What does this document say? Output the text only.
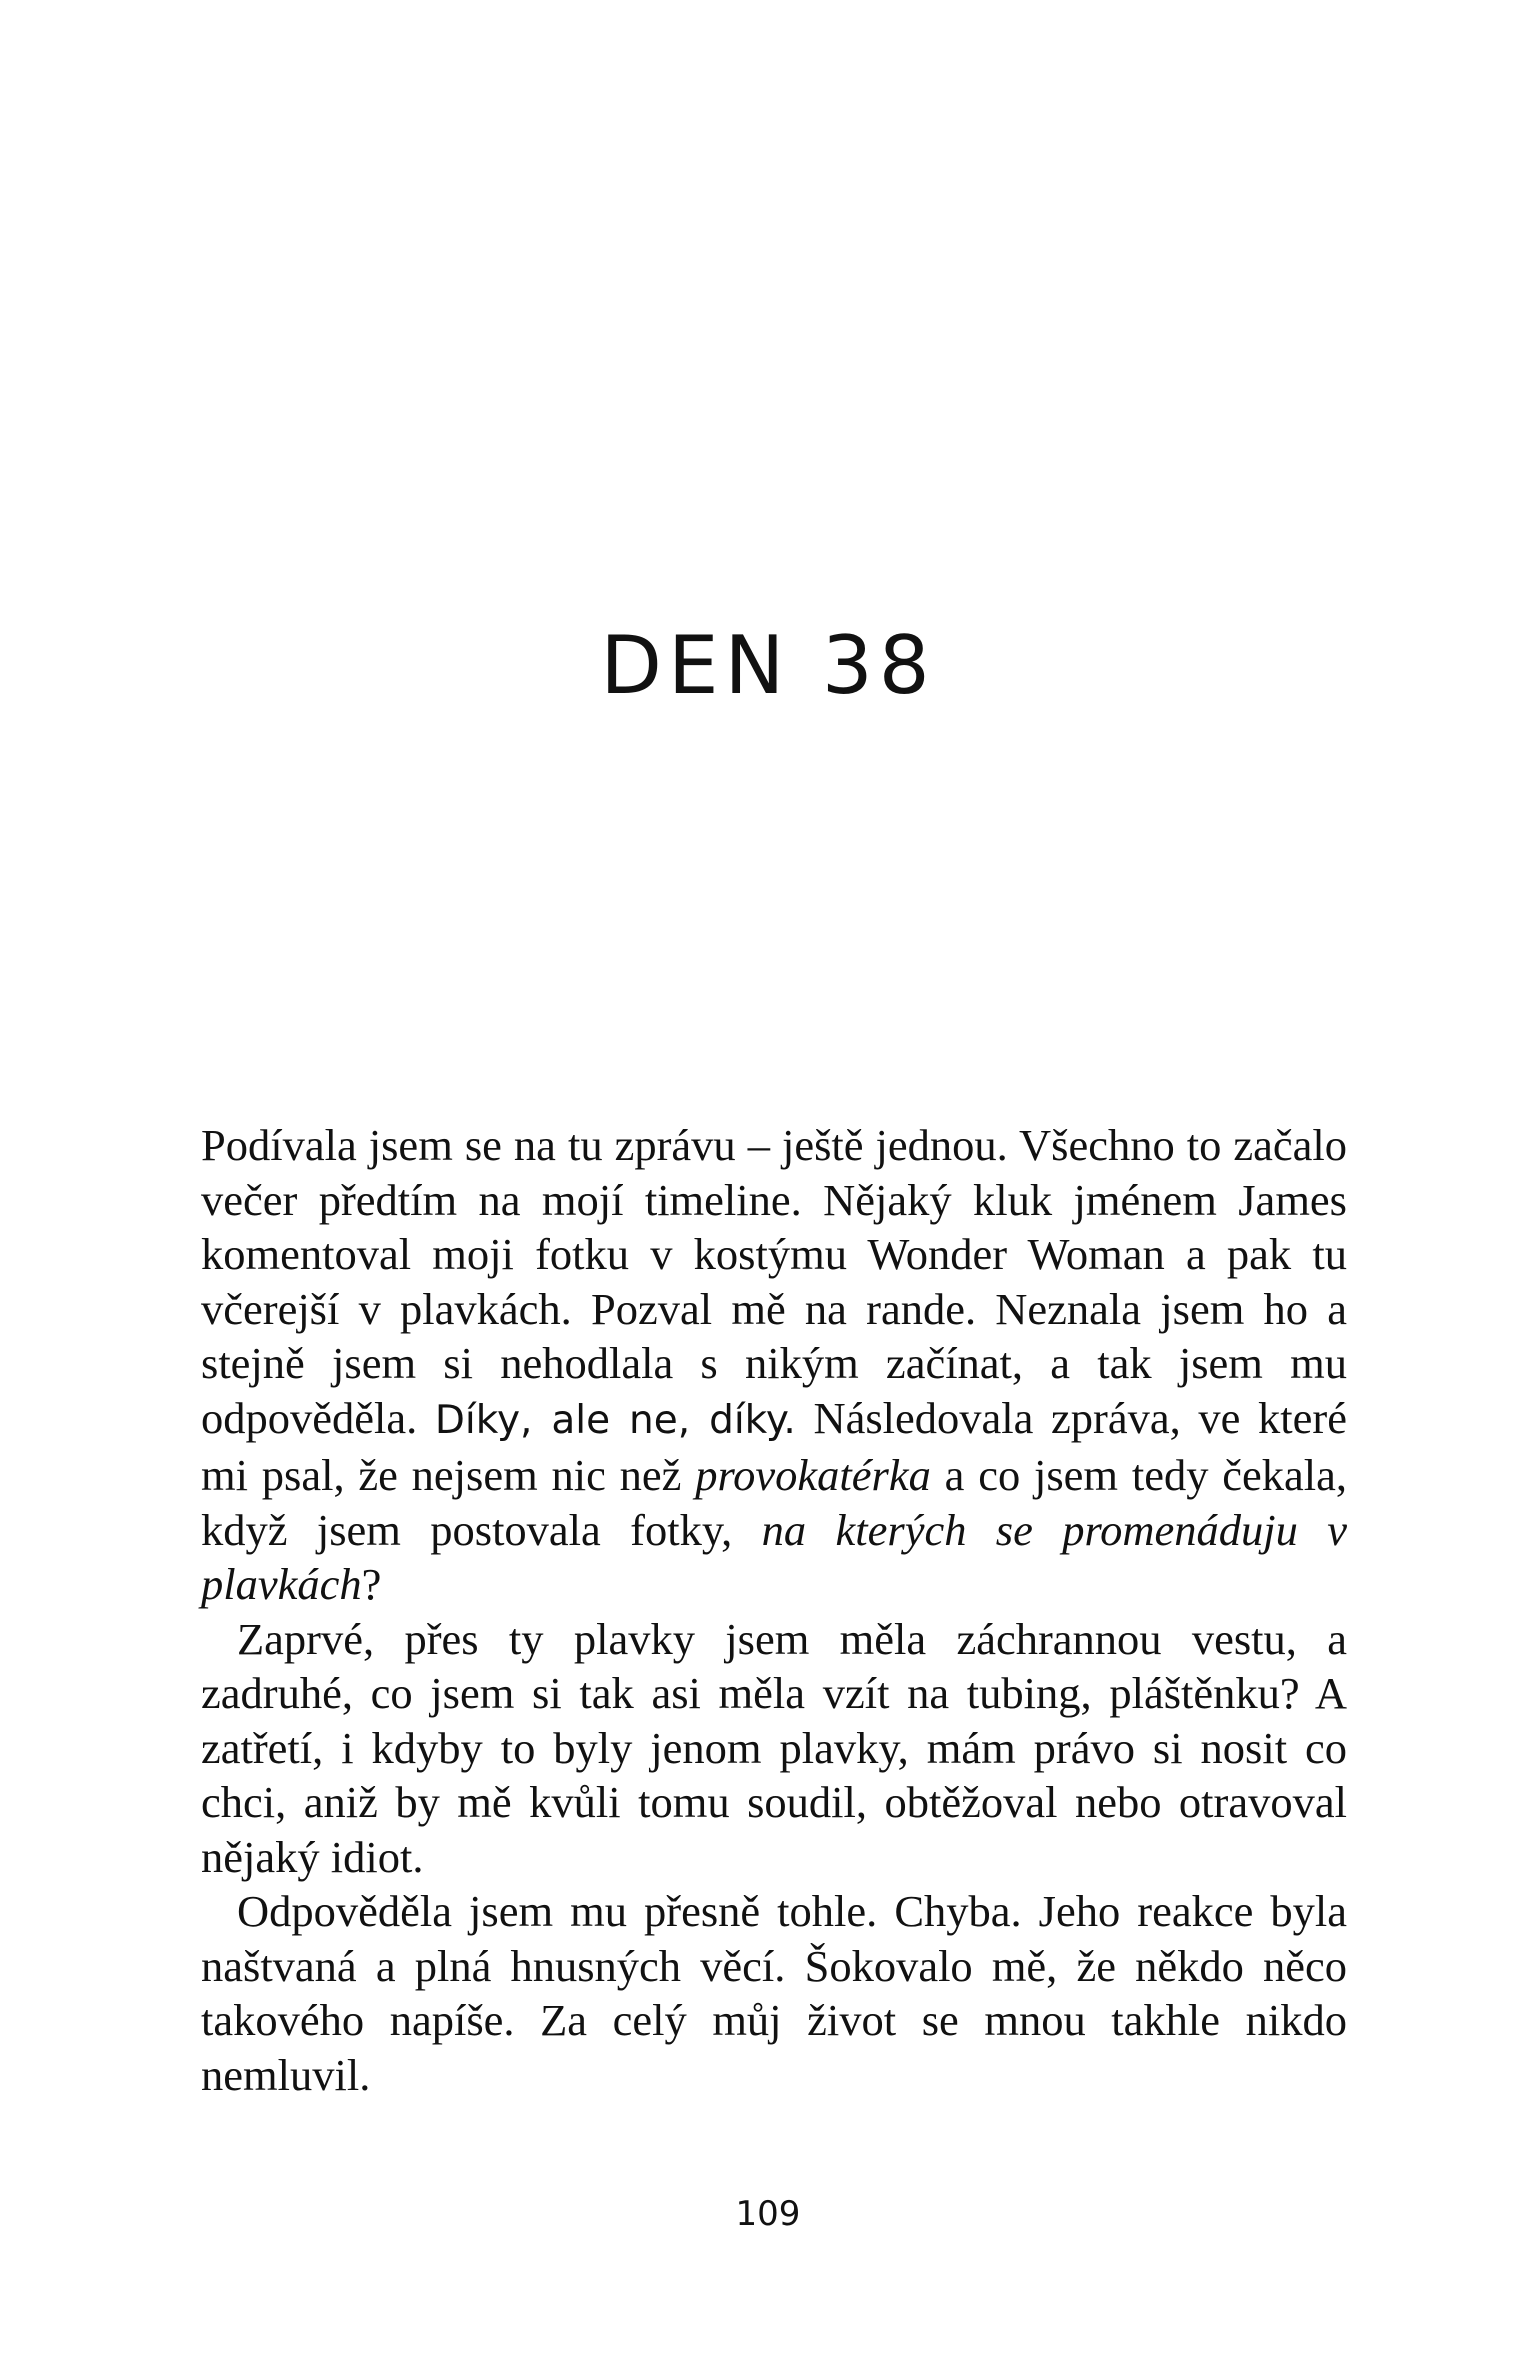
DEN 38

Podívala jsem se na tu zprávu – ještě jednou. Všechno to začalo večer předtím na mojí timeline. Nějaký kluk jménem James komentoval moji fotku v kostýmu Wonder Woman a pak tu včerejší v plavkách. Pozval mě na rande. Neznala jsem ho a stejně jsem si nehodlala s nikým začínat, a tak jsem mu odpověděla. Díky, ale ne, díky. Následovala zpráva, ve které mi psal, že nejsem nic než provokatérka a co jsem tedy čekala, když jsem postovala fotky, na kterých se promenáduju v plavkách?

Zaprvé, přes ty plavky jsem měla záchrannou vestu, a zadruhé, co jsem si tak asi měla vzít na tubing, pláštěnku? A zatřetí, i kdyby to byly jenom plavky, mám právo si nosit co chci, aniž by mě kvůli tomu soudil, obtěžoval nebo otravoval nějaký idiot.

Odpověděla jsem mu přesně tohle. Chyba. Jeho reakce byla naštvaná a plná hnusných věcí. Šokovalo mě, že někdo něco takového napíše. Za celý můj život se mnou takhle nikdo nemluvil.

109
